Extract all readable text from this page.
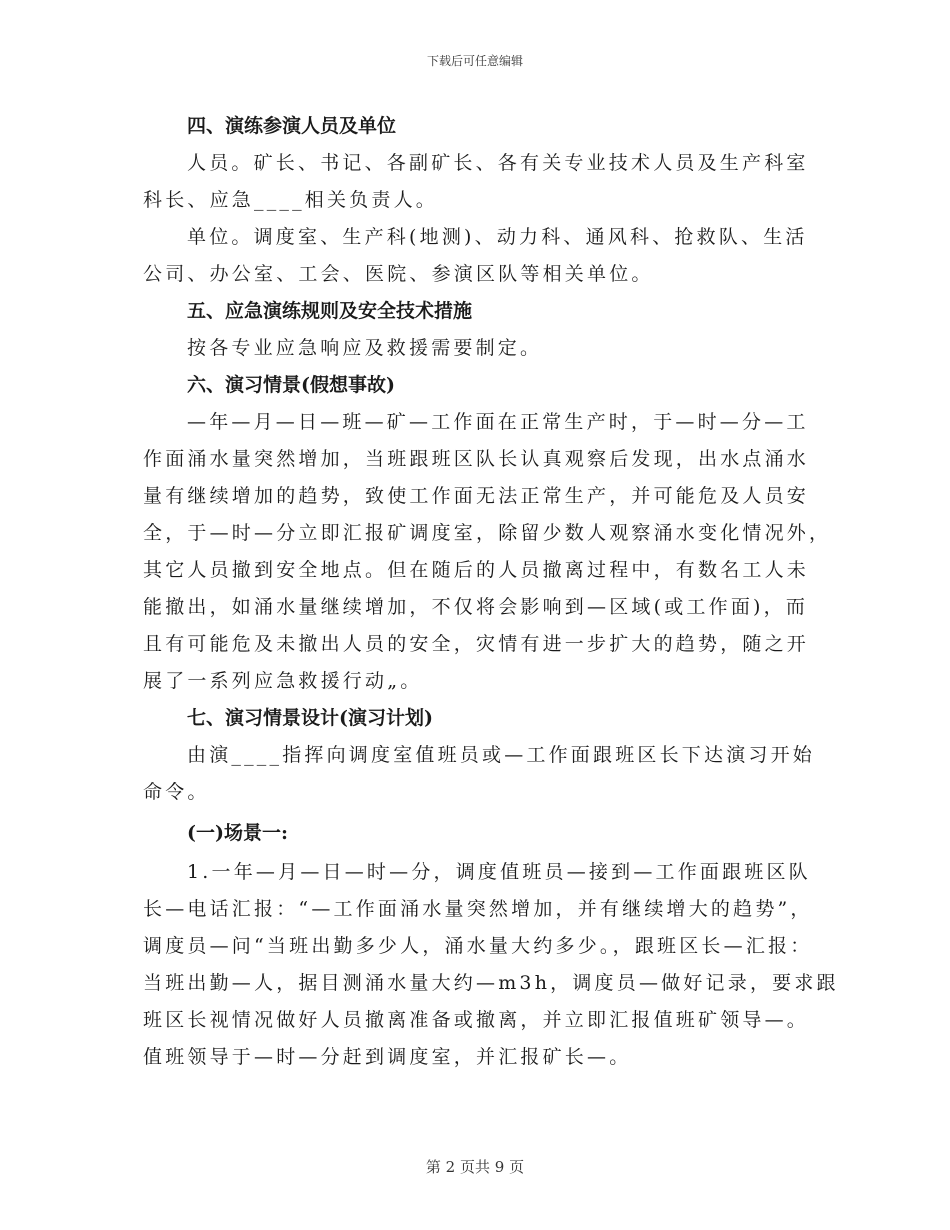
下载后可任意编辑
四、演练参演人员及单位
人员。矿长、书记、各副矿长、各有关专业技术人员及生产科室
科长、应急____相关负责人。
单位。调度室、生产科(地测)、动力科、通风科、抢救队、生活
公司、办公室、工会、医院、参演区队等相关单位。
五、应急演练规则及安全技术措施
按各专业应急响应及救援需要制定。
六、演习情景(假想事故)
—年—月—日—班—矿—工作面在正常生产时，于—时—分—工
作面涌水量突然增加，当班跟班区队长认真观察后发现，出水点涌水
量有继续增加的趋势，致使工作面无法正常生产，并可能危及人员安
全，于—时—分立即汇报矿调度室，除留少数人观察涌水变化情况外，
其它人员撤到安全地点。但在随后的人员撤离过程中，有数名工人未
能撤出，如涌水量继续增加，不仅将会影响到—区域(或工作面)，而
且有可能危及未撤出人员的安全，灾情有进一步扩大的趋势，随之开
展了一系列应急救援行动„。
七、演习情景设计(演习计划)
由演____指挥向调度室值班员或—工作面跟班区长下达演习开始
命令。
(一)场景一:
1.一年—月—日—时—分，调度值班员—接到—工作面跟班区队
长—电话汇报：“—工作面涌水量突然增加，并有继续增大的趋势”，
调度员—问“当班出勤多少人，涌水量大约多少。，跟班区长—汇报：
当班出勤—人，据目测涌水量大约—m3h，调度员—做好记录，要求跟
班区长视情况做好人员撤离准备或撤离，并立即汇报值班矿领导—。
值班领导于—时—分赶到调度室，并汇报矿长—。
第 2 页共 9 页
